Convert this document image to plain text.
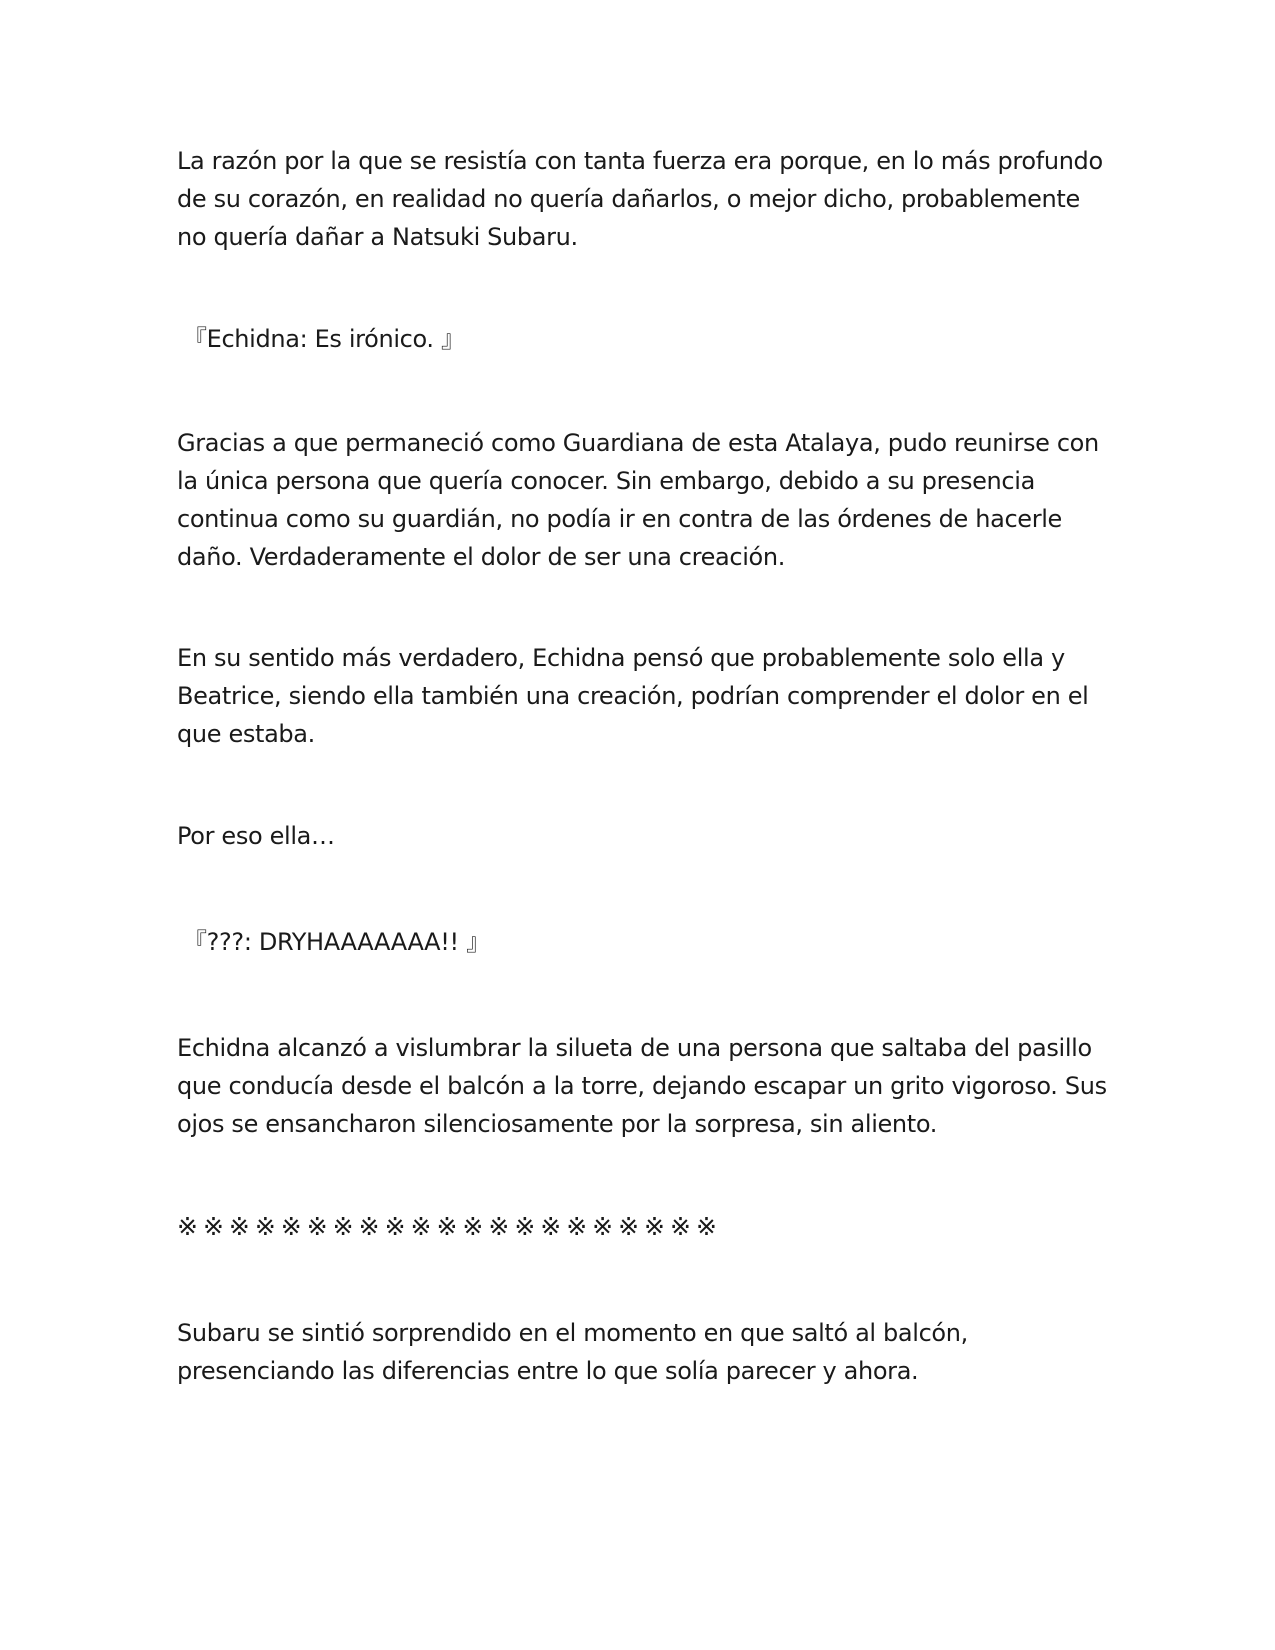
La razón por la que se resistía con tanta fuerza era porque, en lo más profundo de su corazón, en realidad no quería dañarlos, o mejor dicho, probablemente no quería dañar a Natsuki Subaru.

『Echidna: Es irónico. 』

Gracias a que permaneció como Guardiana de esta Atalaya, pudo reunirse con la única persona que quería conocer. Sin embargo, debido a su presencia continua como su guardián, no podía ir en contra de las órdenes de hacerle daño. Verdaderamente el dolor de ser una creación.

En su sentido más verdadero, Echidna pensó que probablemente solo ella y Beatrice, siendo ella también una creación, podrían comprender el dolor en el que estaba.

Por eso ella…

『???: DRYHAAAAAAA!! 』

Echidna alcanzó a vislumbrar la silueta de una persona que saltaba del pasillo que conducía desde el balcón a la torre, dejando escapar un grito vigoroso. Sus ojos se ensancharon silenciosamente por la sorpresa, sin aliento.

※※※※※※※※※※※※※※※※※※※※※

Subaru se sintió sorprendido en el momento en que saltó al balcón, presenciando las diferencias entre lo que solía parecer y ahora.
